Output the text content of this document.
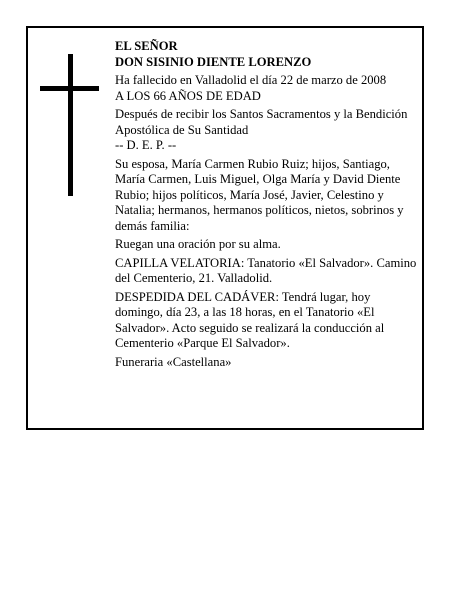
EL SEÑOR

DON SISINIO DIENTE LORENZO

Ha fallecido en Valladolid el día 22 de marzo de 2008

A LOS 66 AÑOS DE EDAD

Después de recibir los Santos Sacramentos y la Bendición Apostólica de Su Santidad

-- D. E. P. --

Su esposa, María Carmen Rubio Ruiz; hijos, Santiago, María Carmen, Luis Miguel, Olga María y David Diente Rubio; hijos políticos, María José, Javier, Celestino y Natalia; hermanos, hermanos políticos, nietos, sobrinos y demás familia:

Ruegan una oración por su alma.

CAPILLA VELATORIA: Tanatorio «El Salvador». Camino del Cementerio, 21. Valladolid.

DESPEDIDA DEL CADÁVER: Tendrá lugar, hoy domingo, día 23, a las 18 horas, en el Tanatorio «El Salvador». Acto seguido se realizará la conducción al Cementerio «Parque El Salvador».

Funeraria «Castellana»
